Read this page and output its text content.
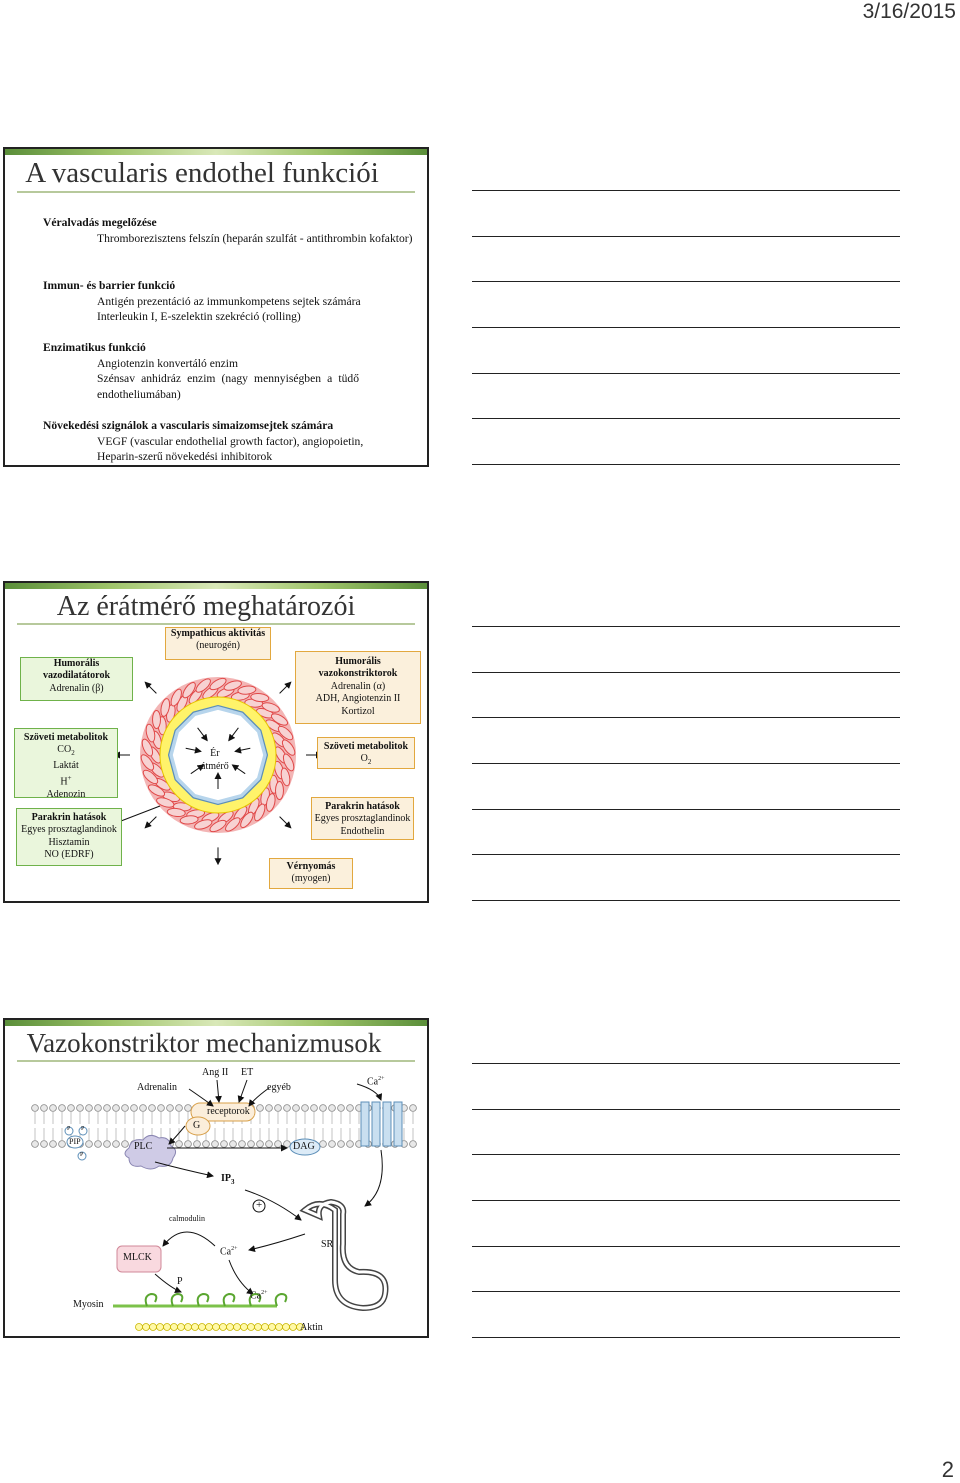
3/16/2015
A vascularis endothel funkciói
Véralvadás megelőzése
Thromborezisztens felszín (heparán szulfát - antithrombin kofaktor)
Immun- és barrier funkció
Antigén prezentáció az immunkompetens sejtek számára
Interleukin I, E-szelektin szekréció (rolling)
Enzimatikus funkció
Angiotenzin konvertáló enzim
Szénsav anhidráz enzim (nagy mennyiségben a tüdő endotheliumában)
Növekedési szignálok a vascularis simaizomsejtek számára
VEGF (vascular endothelial growth factor), angiopoietin,
Heparin-szerű növekedési inhibitorok
Az érátmérő meghatározói
Ér
átmérő
Sympathicus aktivitás
(neurogén)
Humorális
vazodilatátorok
Adrenalin (β)
Humorális
vazokonstriktorok
Adrenalin (α)
ADH, Angiotenzin II
Kortizol
Szöveti metabolitok
$CO_2$
Laktát
H+
Adenozin
Szöveti metabolitok
$O_2$
Parakrin hatások
Egyes prosztaglandinok
Hisztamin
NO (EDRF)
Parakrin hatások
Egyes prosztaglandinok
Endothelin
Vérnyomás
(myogen)
Vazokonstriktor mechanizmusok
Adrenalin
Ang II ET
egyéb
$Ca^{2+}$
receptorok
G
PIP
P P
P
PLC	DAG
$IP_3$
+
calmodulin
MLCK
$Ca^{2+}$	SR
P
$Ca^{2+}$
Myosin
Aktin
2
